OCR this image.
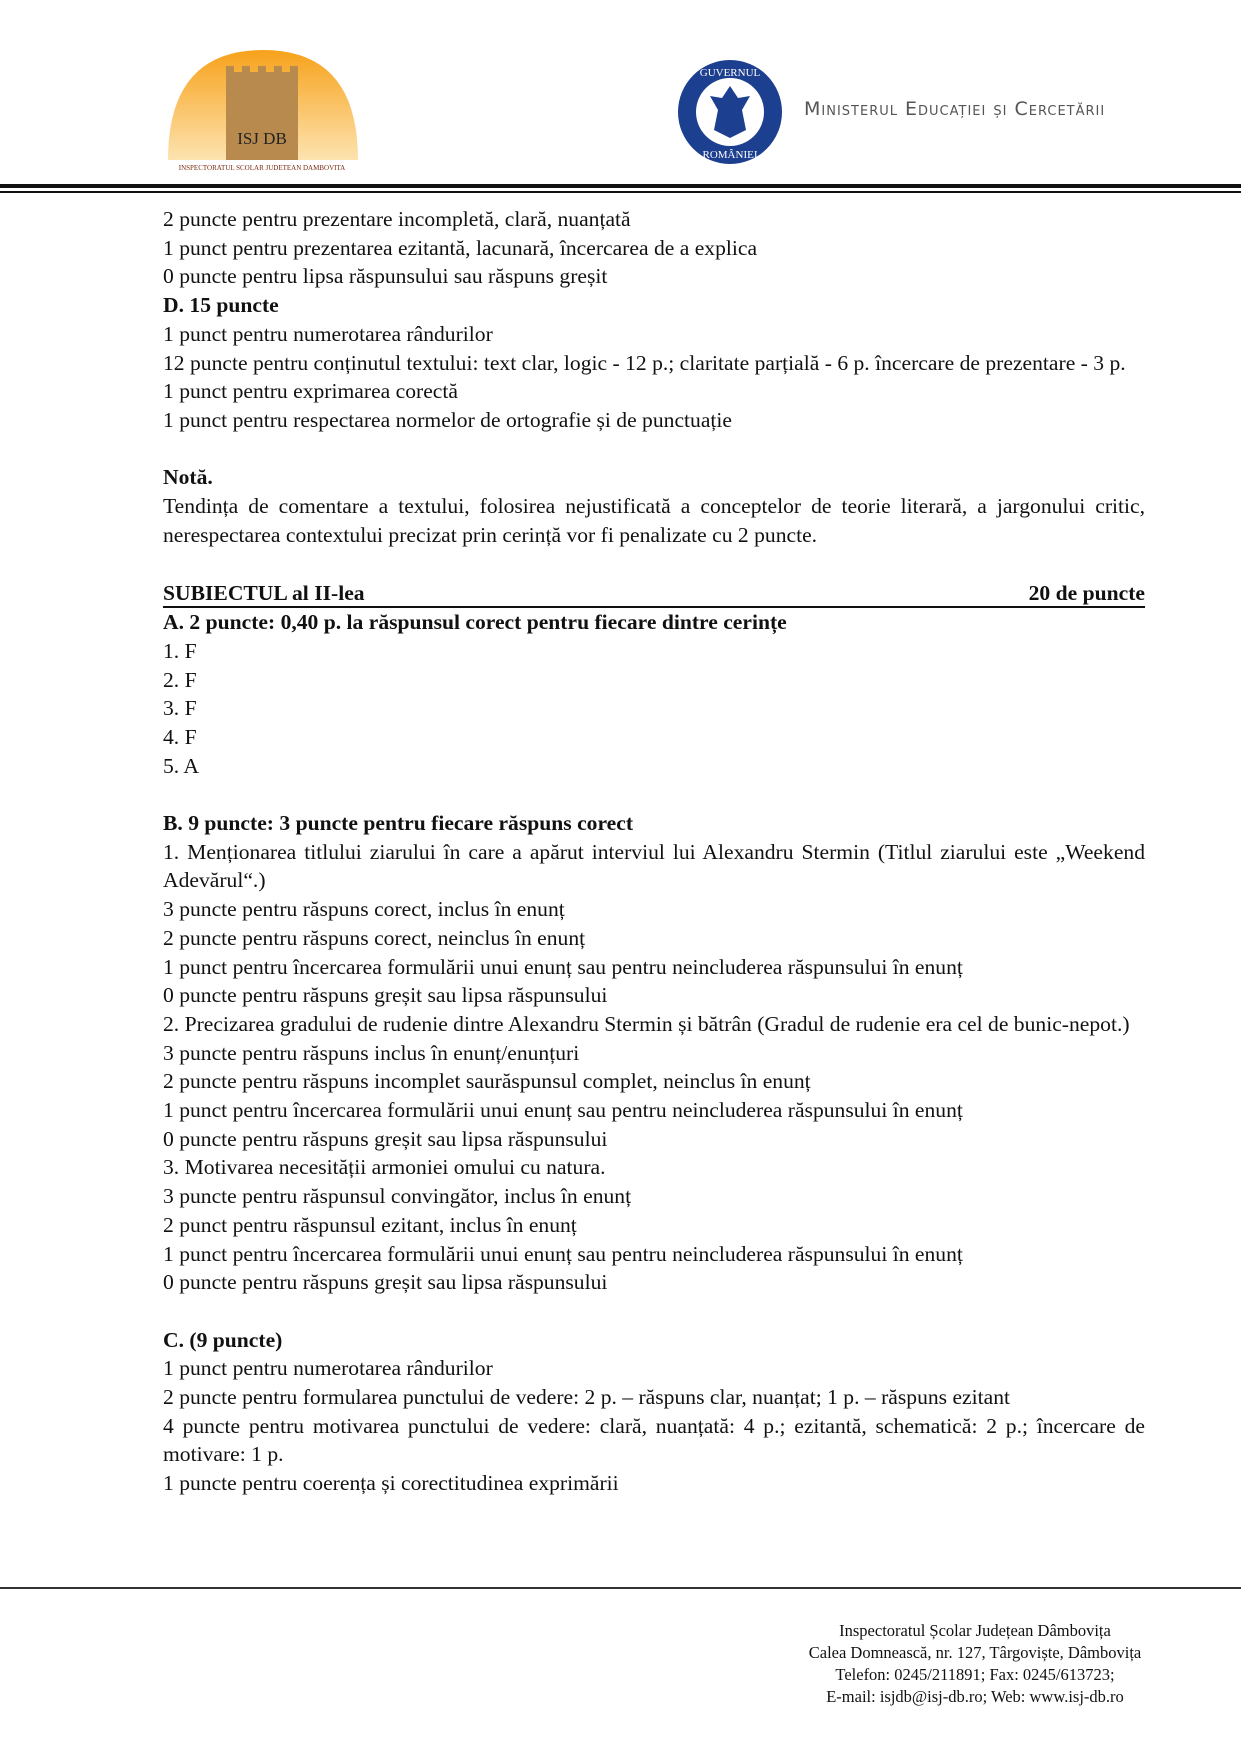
ISJ DB
INSPECTORATUL SCOLAR JUDETEAN DAMBOVITA
GUVERNUL
ROMÂNIEI
Ministerul Educației și Cercetării
2 puncte pentru prezentare incompletă, clară, nuanțată
1 punct pentru prezentarea ezitantă, lacunară, încercarea de a explica
0 puncte pentru lipsa răspunsului sau răspuns greșit
D. 15 puncte
1 punct pentru numerotarea rândurilor
12 puncte pentru conținutul textului: text clar, logic - 12 p.; claritate parțială - 6 p. încercare de prezentare - 3 p.
1 punct pentru exprimarea corectă
1 punct pentru respectarea normelor de ortografie și de punctuație
Notă.
Tendința de comentare a textului, folosirea nejustificată a conceptelor de teorie literară, a jargonului critic, nerespectarea contextului precizat prin cerință vor fi penalizate cu 2 puncte.
SUBIECTUL al II-lea	20 de puncte
A. 2 puncte: 0,40 p. la răspunsul corect pentru fiecare dintre cerințe
1. F
2. F
3. F
4. F
5. A
B. 9 puncte: 3 puncte pentru fiecare răspuns corect
1. Menționarea titlului ziarului în care a apărut interviul lui Alexandru Stermin (Titlul ziarului este „Weekend Adevărul“.)
3 puncte pentru răspuns corect, inclus în enunț
2 puncte pentru răspuns corect, neinclus în enunț
1 punct pentru încercarea formulării unui enunț sau pentru neincluderea răspunsului în enunț
0 puncte pentru răspuns greșit sau lipsa răspunsului
2. Precizarea gradului de rudenie dintre Alexandru Stermin și bătrân (Gradul de rudenie era cel de bunic-nepot.)
3 puncte pentru răspuns inclus în enunț/enunțuri
2 puncte pentru răspuns incomplet saurăspunsul complet, neinclus în enunț
1 punct pentru încercarea formulării unui enunț sau pentru neincluderea răspunsului în enunț
0 puncte pentru răspuns greșit sau lipsa răspunsului
3. Motivarea necesității armoniei omului cu natura.
3 puncte pentru răspunsul convingător, inclus în enunț
2 punct pentru răspunsul ezitant, inclus în enunț
1 punct pentru încercarea formulării unui enunț sau pentru neincluderea răspunsului în enunț
0 puncte pentru răspuns greșit sau lipsa răspunsului
C. (9 puncte)
1 punct pentru numerotarea rândurilor
2 puncte pentru formularea punctului de vedere: 2 p. – răspuns clar, nuanțat; 1 p. – răspuns ezitant
4 puncte pentru motivarea punctului de vedere: clară, nuanțată: 4 p.; ezitantă, schematică: 2 p.; încercare de motivare: 1 p.
1 puncte pentru coerența și corectitudinea exprimării
Inspectoratul Școlar Județean Dâmbovița
Calea Domnească, nr. 127, Târgoviște, Dâmbovița
Telefon: 0245/211891; Fax: 0245/613723;
E-mail: isjdb@isj-db.ro; Web: www.isj-db.ro
